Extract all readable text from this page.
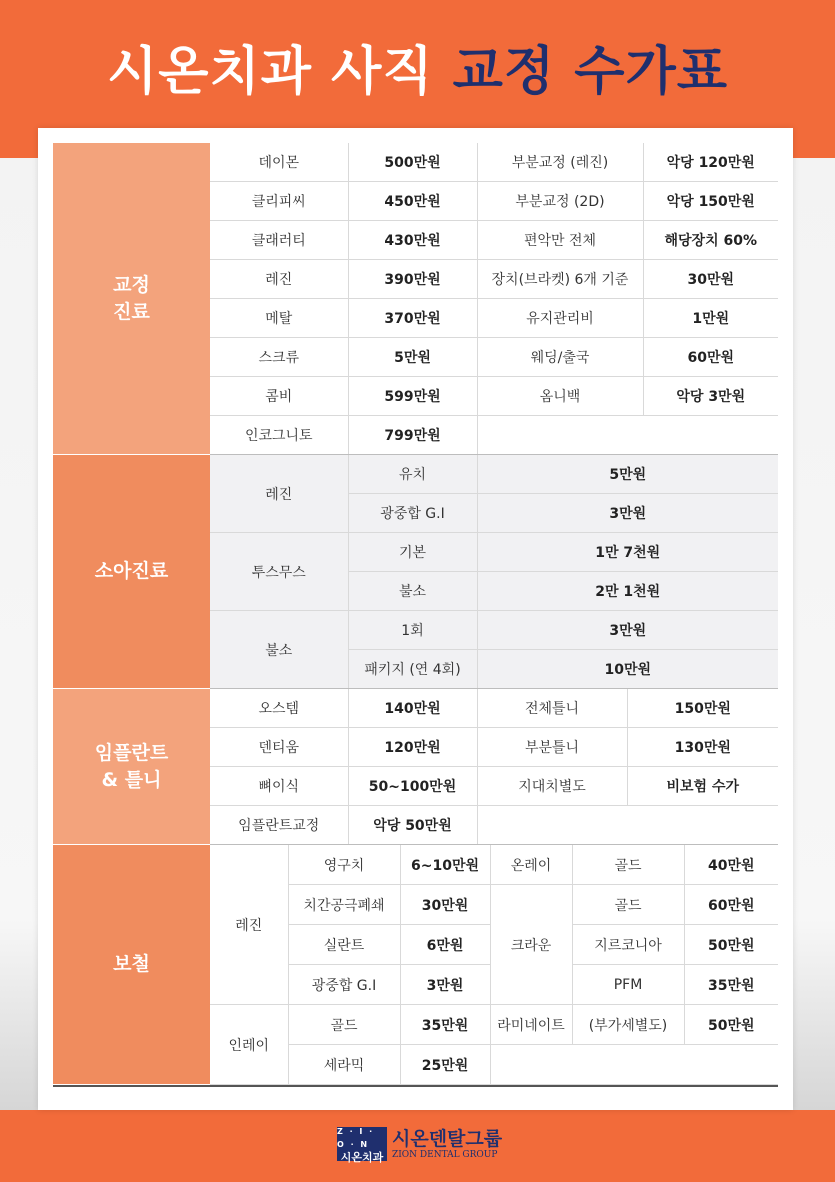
시온치과 사직 교정 수가표
교정
진료	데이몬	500만원	부분교정 (레진)	악당 120만원
	클리피씨	450만원	부분교정 (2D)	악당 150만원
	클래러티	430만원	편악만 전체	해당장치 60%
	레진	390만원	장치(브라켓) 6개 기준	30만원
	메탈	370만원	유지관리비	1만원
	스크류	5만원	웨딩/출국	60만원
	콤비	599만원	옴니백	악당 3만원
	인코그니토	799만원		
소아진료	레진	유치	5만원
		광중합 G.I	3만원
	투스무스	기본	1만 7천원
		불소	2만 1천원
	불소	1회	3만원
		패키지 (연 4회)	10만원
임플란트
& 틀니	오스템	140만원	전체틀니	150만원
	덴티움	120만원	부분틀니	130만원
	뼈이식	50~100만원	지대치별도	비보험 수가
	임플란트교정	악당 50만원		
보철	레진	영구치	6~10만원	온레이	골드	40만원
		치간공극폐쇄	30만원	크라운	골드	60만원
		실란트	6만원		지르코니아	50만원
		광중합 G.I	3만원		PFM	35만원
	인레이	골드	35만원	라미네이트	(부가세별도)	50만원
		세라믹	25만원			
Z · I · O · N
시온치과
시온덴탈그룹
ZION DENTAL GROUP
